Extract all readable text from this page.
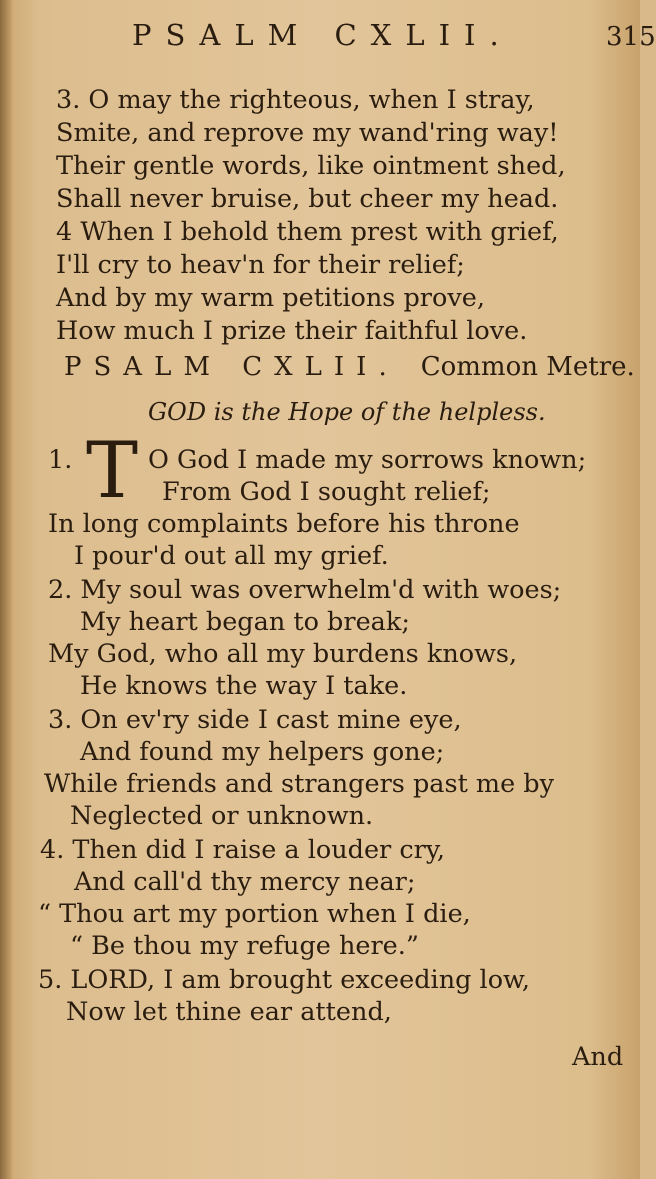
PSALM CXLII.	315
3. O may the righteous, when I stray,
Smite, and reprove my wand'ring way!
Their gentle words, like ointment shed,
Shall never bruise, but cheer my head.
4 When I behold them prest with grief,
I'll cry to heav'n for their relief;
And by my warm petitions prove,
How much I prize their faithful love.
PSALM CXLII. Common Metre.
GOD is the Hope of the helpless.
1. T O God I made my sorrows known;
From God I sought relief;
In long complaints before his throne
I pour'd out all my grief.
2. My soul was overwhelm'd with woes;
My heart began to break;
My God, who all my burdens knows,
He knows the way I take.
3. On ev'ry side I cast mine eye,
And found my helpers gone;
While friends and strangers past me by
Neglected or unknown.
4. Then did I raise a louder cry,
And call'd thy mercy near;
“ Thou art my portion when I die,
“ Be thou my refuge here.”
5. LORD, I am brought exceeding low,
Now let thine ear attend,
And
